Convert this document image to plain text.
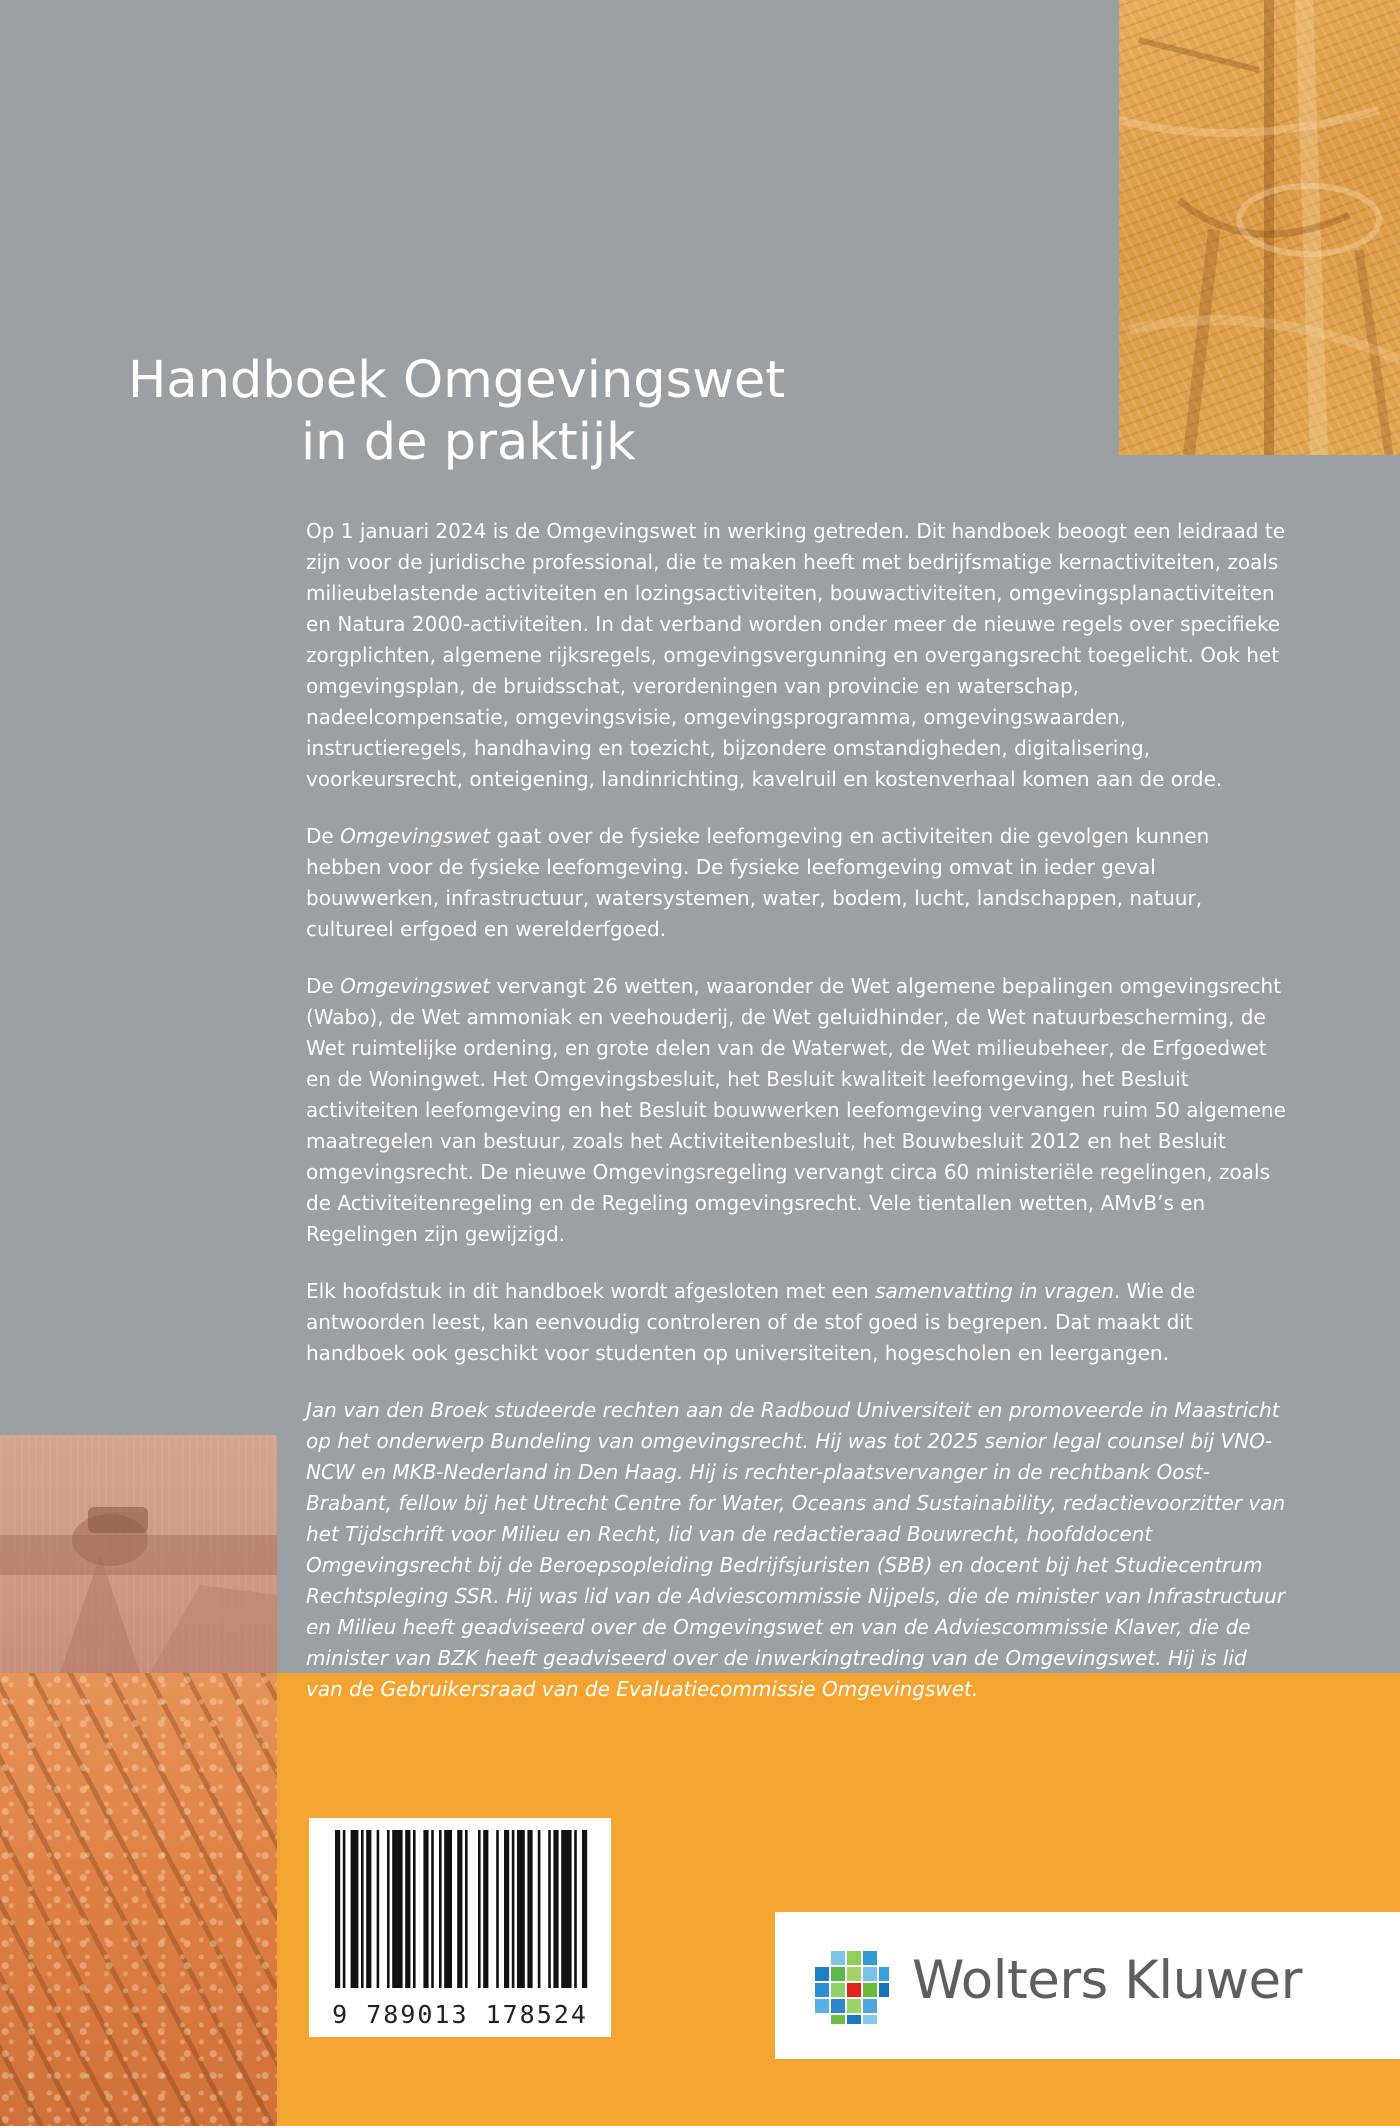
Handboek Omgevingswet
in de praktijk

Op 1 januari 2024 is de Omgevingswet in werking getreden. Dit handboek beoogt een leidraad te zijn voor de juridische professional, die te maken heeft met bedrijfsmatige kernactiviteiten, zoals milieubelastende activiteiten en lozingsactiviteiten, bouwactiviteiten, omgevingsplanactiviteiten en Natura 2000-activiteiten. In dat verband worden onder meer de nieuwe regels over specifieke zorgplichten, algemene rijksregels, omgevingsvergunning en overgangsrecht toegelicht. Ook het omgevingsplan, de bruidsschat, verordeningen van provincie en waterschap, nadeelcompensatie, omgevingsvisie, omgevingsprogramma, omgevingswaarden, instructieregels, handhaving en toezicht, bijzondere omstandigheden, digitalisering, voorkeursrecht, onteigening, landinrichting, kavelruil en kostenverhaal komen aan de orde.

De Omgevingswet gaat over de fysieke leefomgeving en activiteiten die gevolgen kunnen hebben voor de fysieke leefomgeving. De fysieke leefomgeving omvat in ieder geval bouwwerken, infrastructuur, watersystemen, water, bodem, lucht, landschappen, natuur, cultureel erfgoed en werelderfgoed.

De Omgevingswet vervangt 26 wetten, waaronder de Wet algemene bepalingen omgevingsrecht (Wabo), de Wet ammoniak en veehouderij, de Wet geluidhinder, de Wet natuurbescherming, de Wet ruimtelijke ordening, en grote delen van de Waterwet, de Wet milieubeheer, de Erfgoedwet en de Woningwet. Het Omgevingsbesluit, het Besluit kwaliteit leefomgeving, het Besluit activiteiten leefomgeving en het Besluit bouwwerken leefomgeving vervangen ruim 50 algemene maatregelen van bestuur, zoals het Activiteitenbesluit, het Bouwbesluit 2012 en het Besluit omgevingsrecht. De nieuwe Omgevingsregeling vervangt circa 60 ministeriële regelingen, zoals de Activiteitenregeling en de Regeling omgevingsrecht. Vele tientallen wetten, AMvB’s en Regelingen zijn gewijzigd.

Elk hoofdstuk in dit handboek wordt afgesloten met een samenvatting in vragen. Wie de antwoorden leest, kan eenvoudig controleren of de stof goed is begrepen. Dat maakt dit handboek ook geschikt voor studenten op universiteiten, hogescholen en leergangen.

Jan van den Broek studeerde rechten aan de Radboud Universiteit en promoveerde in Maastricht op het onderwerp Bundeling van omgevingsrecht. Hij was tot 2025 senior legal counsel bij VNO-NCW en MKB-Nederland in Den Haag. Hij is rechter-plaatsvervanger in de rechtbank Oost-Brabant, fellow bij het Utrecht Centre for Water, Oceans and Sustainability, redactievoorzitter van het Tijdschrift voor Milieu en Recht, lid van de redactieraad Bouwrecht, hoofddocent Omgevingsrecht bij de Beroepsopleiding Bedrijfsjuristen (SBB) en docent bij het Studiecentrum Rechtspleging SSR. Hij was lid van de Adviescommissie Nijpels, die de minister van Infrastructuur en Milieu heeft geadviseerd over de Omgevingswet en van de Adviescommissie Klaver, die de minister van BZK heeft geadviseerd over de inwerkingtreding van de Omgevingswet. Hij is lid van de Gebruikersraad van de Evaluatiecommissie Omgevingswet.

9 789013 178524
Wolters Kluwer
